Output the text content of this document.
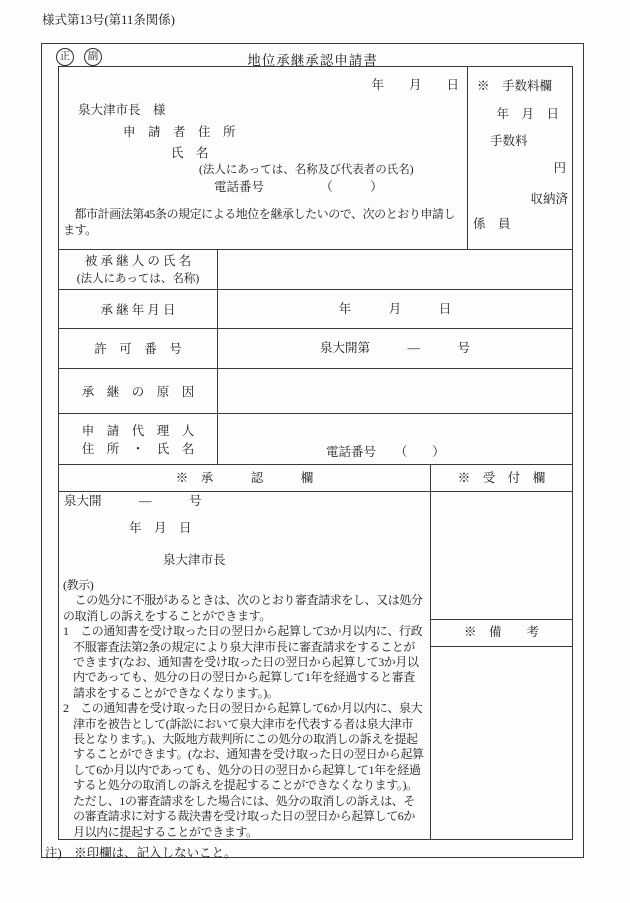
様式第13号(第11条関係)
正	副	地位承継承認申請書
年　　月　　日
泉大津市長　様
申　請　者　住　所
氏　名
(法人にあっては、名称及び代表者の氏名)
電話番号　　　　　（　　　）
　都市計画法第45条の規定による地位を継承したいので、次のとおり申請します。
※　手数料欄
年　月　日
手数料
円
収納済
係　員
被 承 継 人 の 氏 名
(法人にあっては、名称)
承 継 年 月 日	年　　　月　　　日
許　可　番　号	泉大開第　　　―　　　号
承　継　の　原　因
申　請　代　理　人
住　所　・　氏　名	電話番号　　（　　）
※　承　　　認　　　欄	※　受　付　欄
泉大開　　　―　　　号
年　月　日
泉大津市長
(教示)
　この処分に不服があるときは、次のとおり審査請求をし、又は処分の取消しの訴えをすることができます。
1　この通知書を受け取った日の翌日から起算して3か月以内に、行政不服審査法第2条の規定により泉大津市長に審査請求をすることができます(なお、通知書を受け取った日の翌日から起算して3か月以内であっても、処分の日の翌日から起算して1年を経過すると審査請求をすることができなくなります。)。
2　この通知書を受け取った日の翌日から起算して6か月以内に、泉大津市を被告として(訴訟において泉大津市を代表する者は泉大津市長となります。)、大阪地方裁判所にこの処分の取消しの訴えを提起することができます。(なお、通知書を受け取った日の翌日から起算して6か月以内であっても、処分の日の翌日から起算して1年を経過すると処分の取消しの訴えを提起することができなくなります。)。ただし、1の審査請求をした場合には、処分の取消しの訴えは、その審査請求に対する裁決書を受け取った日の翌日から起算して6か月以内に提起することができます。
※　備　　考
注)　※印欄は、記入しないこと。
